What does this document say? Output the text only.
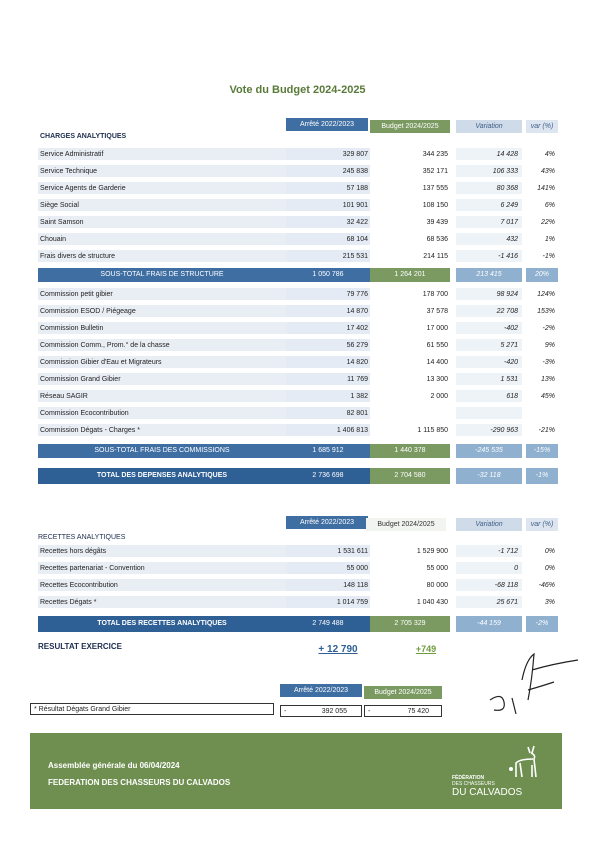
Vote du Budget 2024-2025
Arrêté 2022/2023	Budget 2024/2025	Variation	var (%)
CHARGES ANALYTIQUES
Service Administratif	329 807	344 235	14 428	4%
Service Technique	245 838	352 171	106 333	43%
Service Agents de Garderie	57 188	137 555	80 368	141%
Siège Social	101 901	108 150	6 249	6%
Saint Samson	32 422	39 439	7 017	22%
Chouain	68 104	68 536	432	1%
Frais divers de structure	215 531	214 115	-1 416	-1%
SOUS-TOTAL FRAIS DE STRUCTURE	1 050 786	1 264 201	213 415	20%
Commission petit gibier	79 776	178 700	98 924	124%
Commission ESOD / Piégeage	14 870	37 578	22 708	153%
Commission Bulletin	17 402	17 000	-402	-2%
Commission Comm., Prom.° de la chasse	56 279	61 550	5 271	9%
Commission Gibier d'Eau et Migrateurs	14 820	14 400	-420	-3%
Commission Grand Gibier	11 769	13 300	1 531	13%
Réseau SAGIR	1 382	2 000	618	45%
Commission Ecocontribution	82 801
Commission Dégats - Charges *	1 406 813	1 115 850	-290 963	-21%
SOUS-TOTAL FRAIS DES COMMISSIONS	1 685 912	1 440 378	-245 535	-15%
TOTAL DES DEPENSES ANALYTIQUES	2 736 698	2 704 580	-32 118	-1%
Arrêté 2022/2023	Budget 2024/2025	Variation	var (%)
RECETTES ANALYTIQUES
Recettes hors dégâts	1 531 611	1 529 900	-1 712	0%
Recettes partenariat - Convention	55 000	55 000	0	0%
Recettes Ecocontribution	148 118	80 000	-68 118	-46%
Recettes Dégats *	1 014 759	1 040 430	25 671	3%
TOTAL DES RECETTES ANALYTIQUES	2 749 488	2 705 329	-44 159	-2%
RESULTAT EXERCICE	+ 12 790	+749
Arrêté 2022/2023	Budget 2024/2025
* Résultat Dégats Grand Gibier	-	392 055	-	75 420
Assemblée générale du 06/04/2024
FEDERATION DES CHASSEURS DU CALVADOS	FÉDÉRATION
DES CHASSEURS
DU CALVADOS
